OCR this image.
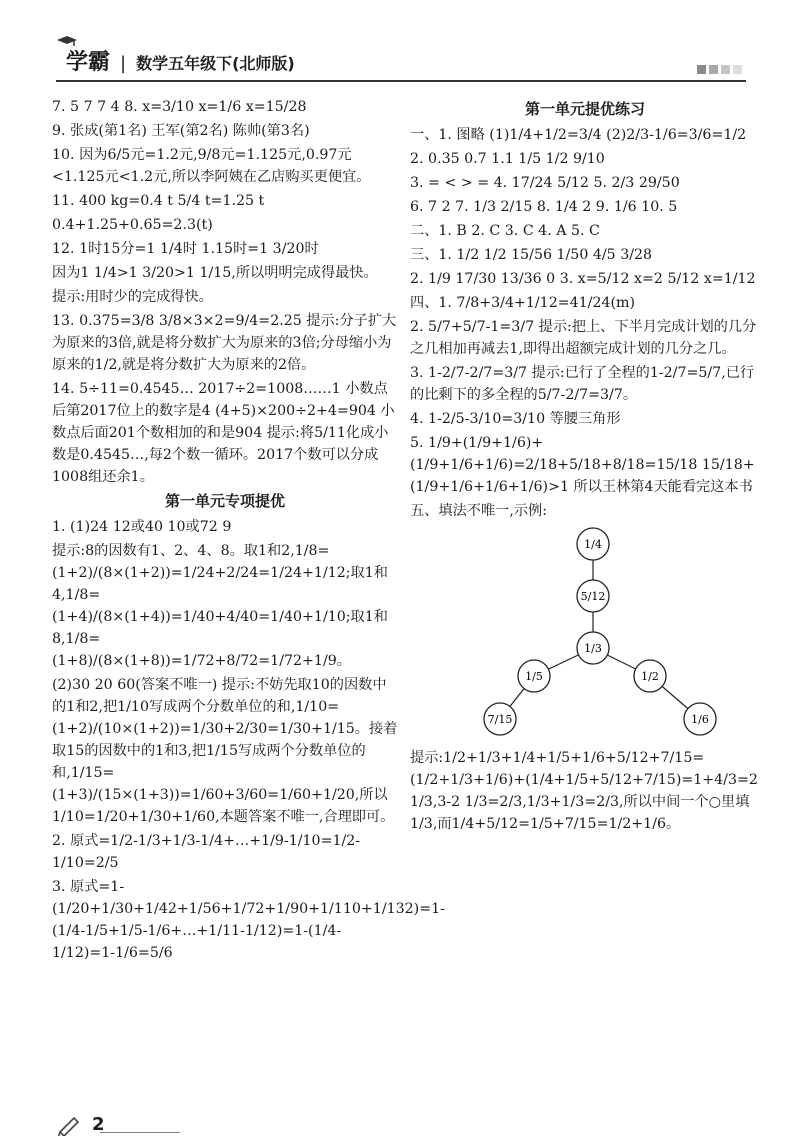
学霸 | 数学五年级下(北师版)
7. 5 7 7 4 8. x=3/10 x=1/6 x=15/28
9. 张成(第1名) 王军(第2名) 陈帅(第3名)
10. 因为6/5元=1.2元,9/8元=1.125元,0.97元<1.125元<1.2元,所以李阿姨在乙店购买更便宜。
11. 400 kg=0.4 t 5/4 t=1.25 t
0.4+1.25+0.65=2.3(t)
12. 1时15分=1 1/4时 1.15时=1 3/20时
因为1 1/4>1 3/20>1 1/15,所以明明完成得最快。
提示:用时少的完成得快。
13. 0.375=3/8 3/8×3×2=9/4=2.25 提示:分子扩大为原来的3倍,就是将分数扩大为原来的3倍;分母缩小为原来的1/2,就是将分数扩大为原来的2倍。
14. 5÷11=0.4545… 2017÷2=1008……1 小数点后第2017位上的数字是4 (4+5)×200÷2+4=904 小数点后面201个数相加的和是904 提示:将5/11化成小数是0.4545…,每2个数一循环。2017个数可以分成1008组还余1。
第一单元专项提优
1. (1)24 12或40 10或72 9
提示:8的因数有1、2、4、8。取1和2,1/8=(1+2)/(8×(1+2))=1/24+2/24=1/24+1/12;取1和4,1/8=(1+4)/(8×(1+4))=1/40+4/40=1/40+1/10;取1和8,1/8=(1+8)/(8×(1+8))=1/72+8/72=1/72+1/9。
(2)30 20 60(答案不唯一) 提示:不妨先取10的因数中的1和2,把1/10写成两个分数单位的和,1/10=(1+2)/(10×(1+2))=1/30+2/30=1/30+1/15。接着取15的因数中的1和3,把1/15写成两个分数单位的和,1/15=(1+3)/(15×(1+3))=1/60+3/60=1/60+1/20,所以1/10=1/20+1/30+1/60,本题答案不唯一,合理即可。
2. 原式=1/2-1/3+1/3-1/4+…+1/9-1/10=1/2-1/10=2/5
3. 原式=1-(1/20+1/30+1/42+1/56+1/72+1/90+1/110+1/132)=1-(1/4-1/5+1/5-1/6+…+1/11-1/12)=1-(1/4-1/12)=1-1/6=5/6
第一单元提优练习
一、1. 图略 (1)1/4+1/2=3/4 (2)2/3-1/6=3/6=1/2
2. 0.35 0.7 1.1 1/5 1/2 9/10
3. = < > = 4. 17/24 5/12 5. 2/3 29/50
6. 7 2 7. 1/3 2/15 8. 1/4 2 9. 1/6 10. 5
二、1. B 2. C 3. C 4. A 5. C
三、1. 1/2 1/2 15/56 1/50 4/5 3/28
2. 1/9 17/30 13/36 0 3. x=5/12 x=2 5/12 x=1/12
四、1. 7/8+3/4+1/12=41/24(m)
2. 5/7+5/7-1=3/7 提示:把上、下半月完成计划的几分之几相加再减去1,即得出超额完成计划的几分之几。
3. 1-2/7-2/7=3/7 提示:已行了全程的1-2/7=5/7,已行的比剩下的多全程的5/7-2/7=3/7。
4. 1-2/5-3/10=3/10 等腰三角形
5. 1/9+(1/9+1/6)+(1/9+1/6+1/6)=2/18+5/18+8/18=15/18 15/18+(1/9+1/6+1/6+1/6)>1 所以王林第4天能看完这本书
五、填法不唯一,示例:
1/4
5/12
1/3
1/5	1/2
7/15	1/6
提示:1/2+1/3+1/4+1/5+1/6+5/12+7/15=(1/2+1/3+1/6)+(1/4+1/5+5/12+7/15)=1+4/3=2 1/3,3-2 1/3=2/3,1/3+1/3=2/3,所以中间一个○里填1/3,而1/4+5/12=1/5+7/15=1/2+1/6。
2
